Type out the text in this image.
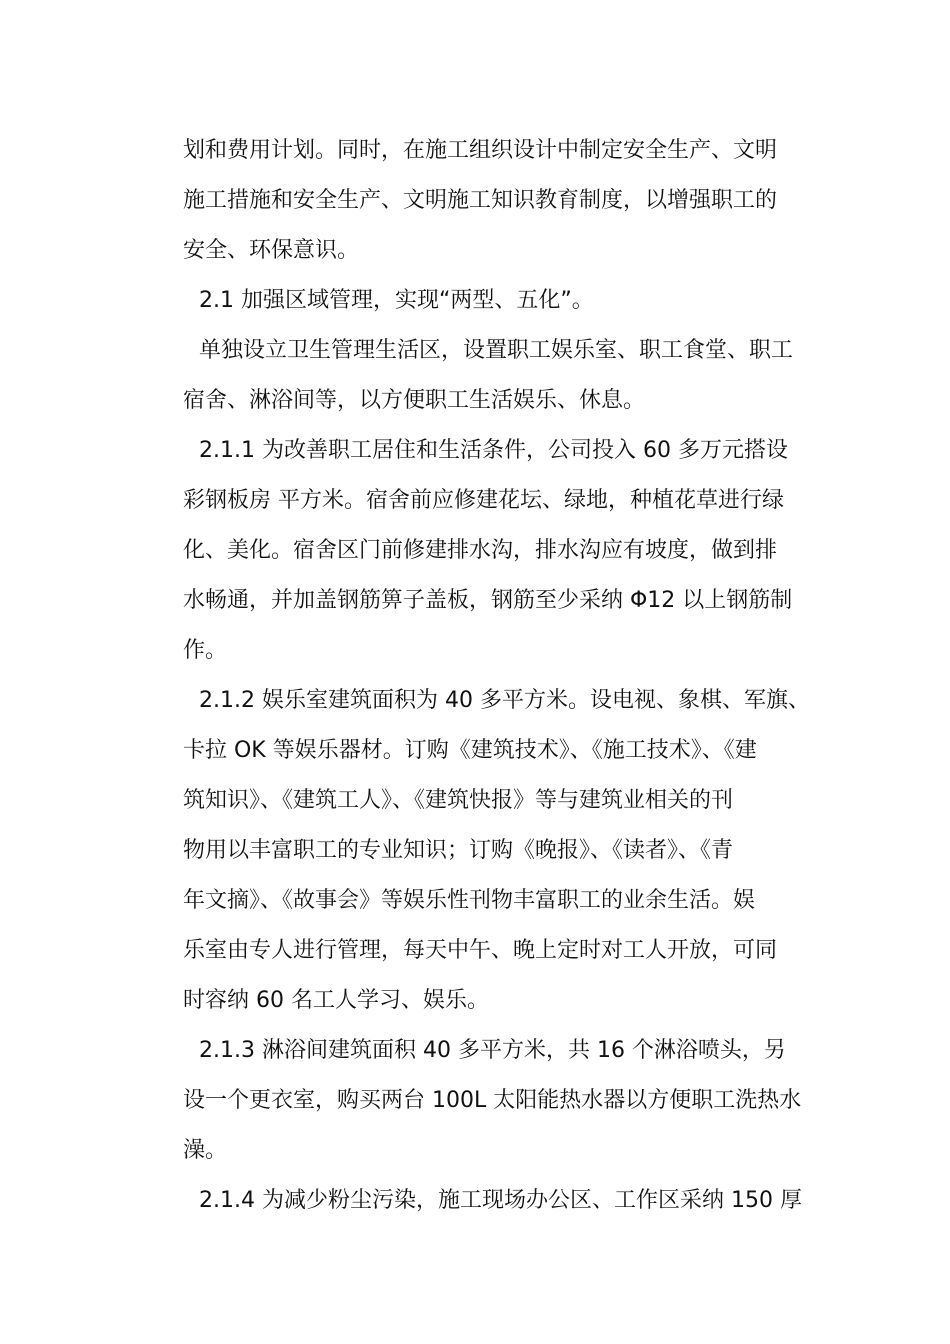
划和费用计划。同时，在施工组织设计中制定安全生产、文明
施工措施和安全生产、文明施工知识教育制度，以增强职工的
安全、环保意识。
2.1 加强区域管理，实现“两型、五化”。
单独设立卫生管理生活区，设置职工娱乐室、职工食堂、职工
宿舍、淋浴间等，以方便职工生活娱乐、休息。
2.1.1 为改善职工居住和生活条件，公司投入 60 多万元搭设
彩钢板房 平方米。宿舍前应修建花坛、绿地，种植花草进行绿
化、美化。宿舍区门前修建排水沟，排水沟应有坡度，做到排
水畅通，并加盖钢筋箅子盖板，钢筋至少采纳 Φ12 以上钢筋制
作。
2.1.2 娱乐室建筑面积为 40 多平方米。设电视、象棋、军旗、
卡拉 OK 等娱乐器材。订购《建筑技术》、《施工技术》、《建
筑知识》、《建筑工人》、《建筑快报》等与建筑业相关的刊
物用以丰富职工的专业知识；订购《晚报》、《读者》、《青
年文摘》、《故事会》等娱乐性刊物丰富职工的业余生活。娱
乐室由专人进行管理，每天中午、晚上定时对工人开放，可同
时容纳 60 名工人学习、娱乐。
2.1.3 淋浴间建筑面积 40 多平方米，共 16 个淋浴喷头，另
设一个更衣室，购买两台 100L 太阳能热水器以方便职工洗热水
澡。
2.1.4 为减少粉尘污染，施工现场办公区、工作区采纳 150 厚
